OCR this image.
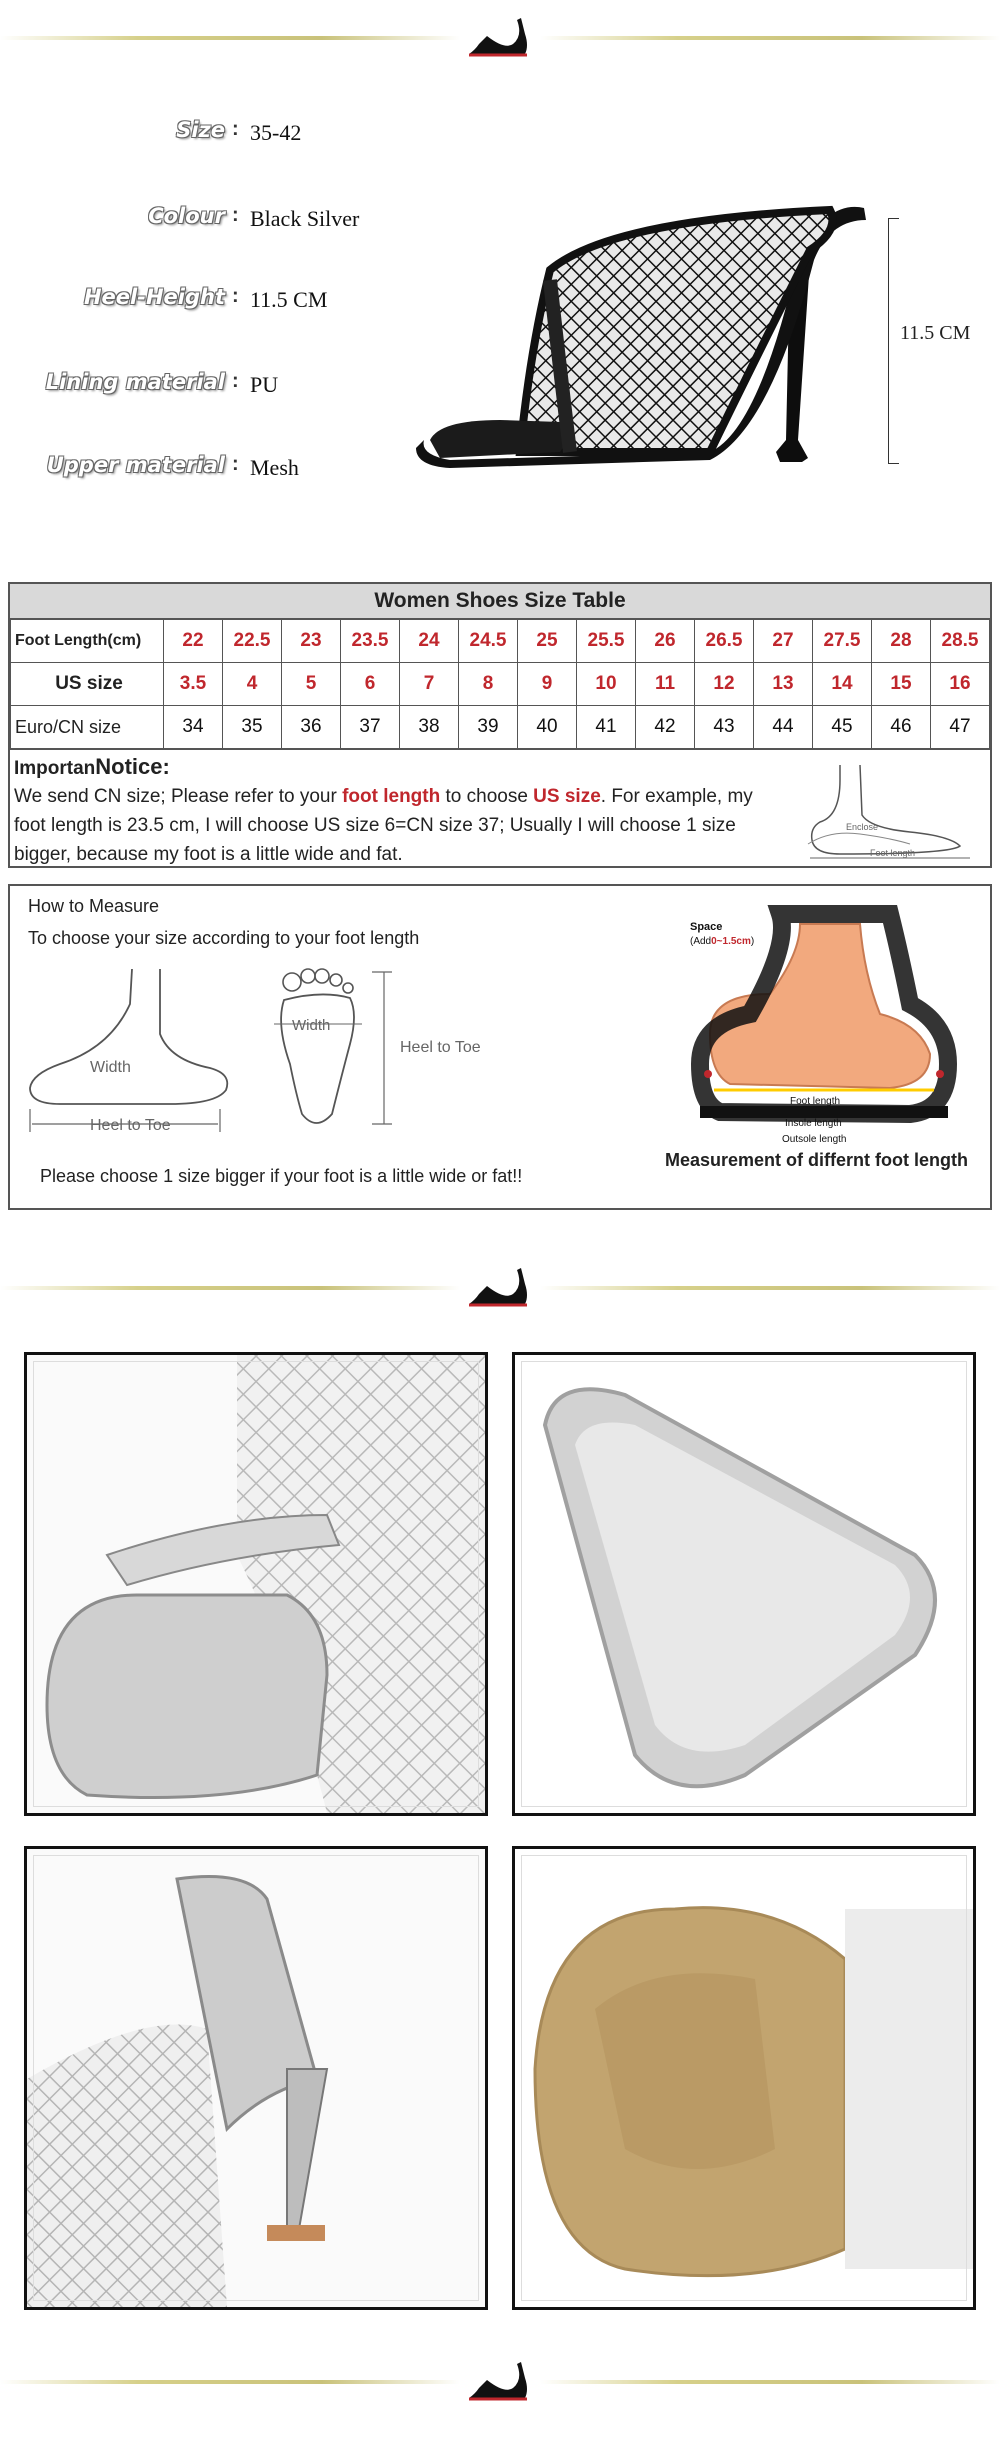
Size : 35-42
Colour : Black Silver
Heel-Height : 11.5 CM
Lining material : PU
Upper material : Mesh
11.5 CM
Women Shoes Size Table
Foot Length(cm)	22	22.5	23	23.5	24	24.5	25	25.5	26	26.5	27	27.5	28	28.5
US size	3.5	4	5	6	7	8	9	10	11	12	13	14	15	16
Euro/CN size	34	35	36	37	38	39	40	41	42	43	44	45	46	47
ImportanNotice:
We send CN size; Please refer to your foot length to choose US size. For example, my foot length is 23.5 cm, I will choose US size 6=CN size 37; Usually I will choose 1 size bigger, because my foot is a little wide and fat.
Enclose
Foot length
How to Measure
To choose your size according to your foot length
Width
Heel to Toe
Width
Heel to Toe
Space
(Add0~1.5cm)
Foot length
Insole length
Outsole length
Measurement of differnt foot length
Please choose 1 size bigger if your foot is a little wide or fat!!
